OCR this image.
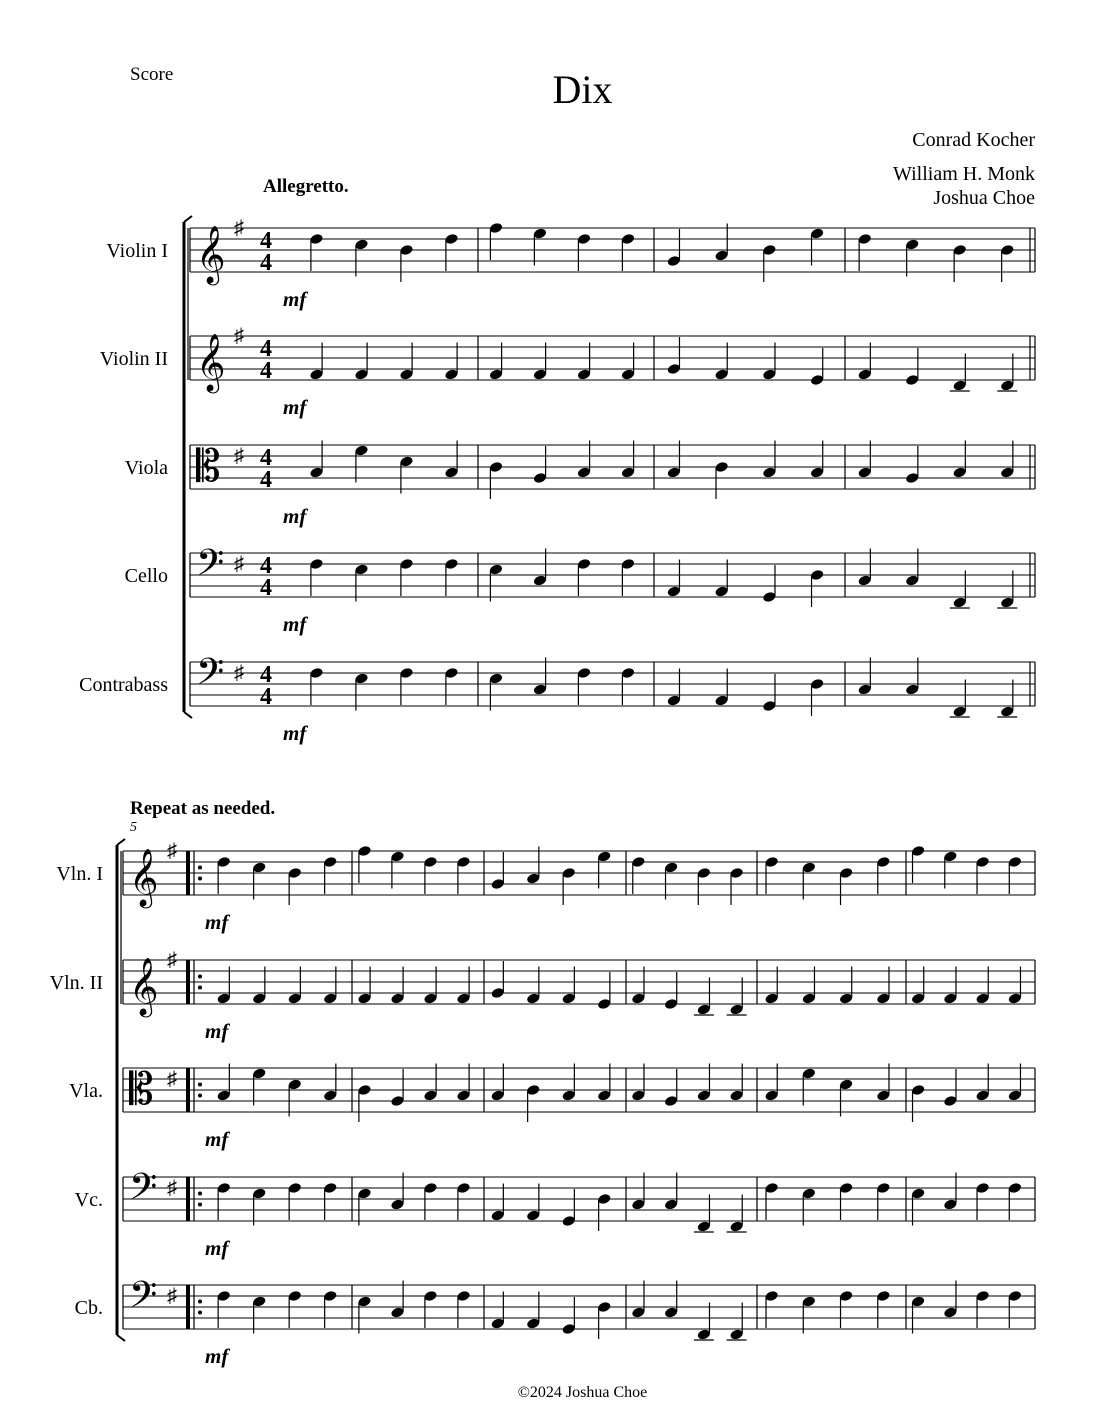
Score	Dix
Conrad Kocher
William H. Monk
Joshua Choe
Allegretto.
Repeat as needed.
5
©2024 Joshua Choe
Violin I 𝄞 ♯ 4
4
mf
Violin II 𝄞 ♯ 4
4
mf
Viola 𝄡 ♯ 4
4
mf
Cello 𝄢 ♯ 4
4
mf
Contrabass 𝄢 ♯ 4
4
mf
Vln. I 𝄞 ♯
mf
Vln. II 𝄞 ♯
mf
Vla. 𝄡 ♯
mf
Vc. 𝄢 ♯
mf
Cb. 𝄢 ♯
mf
